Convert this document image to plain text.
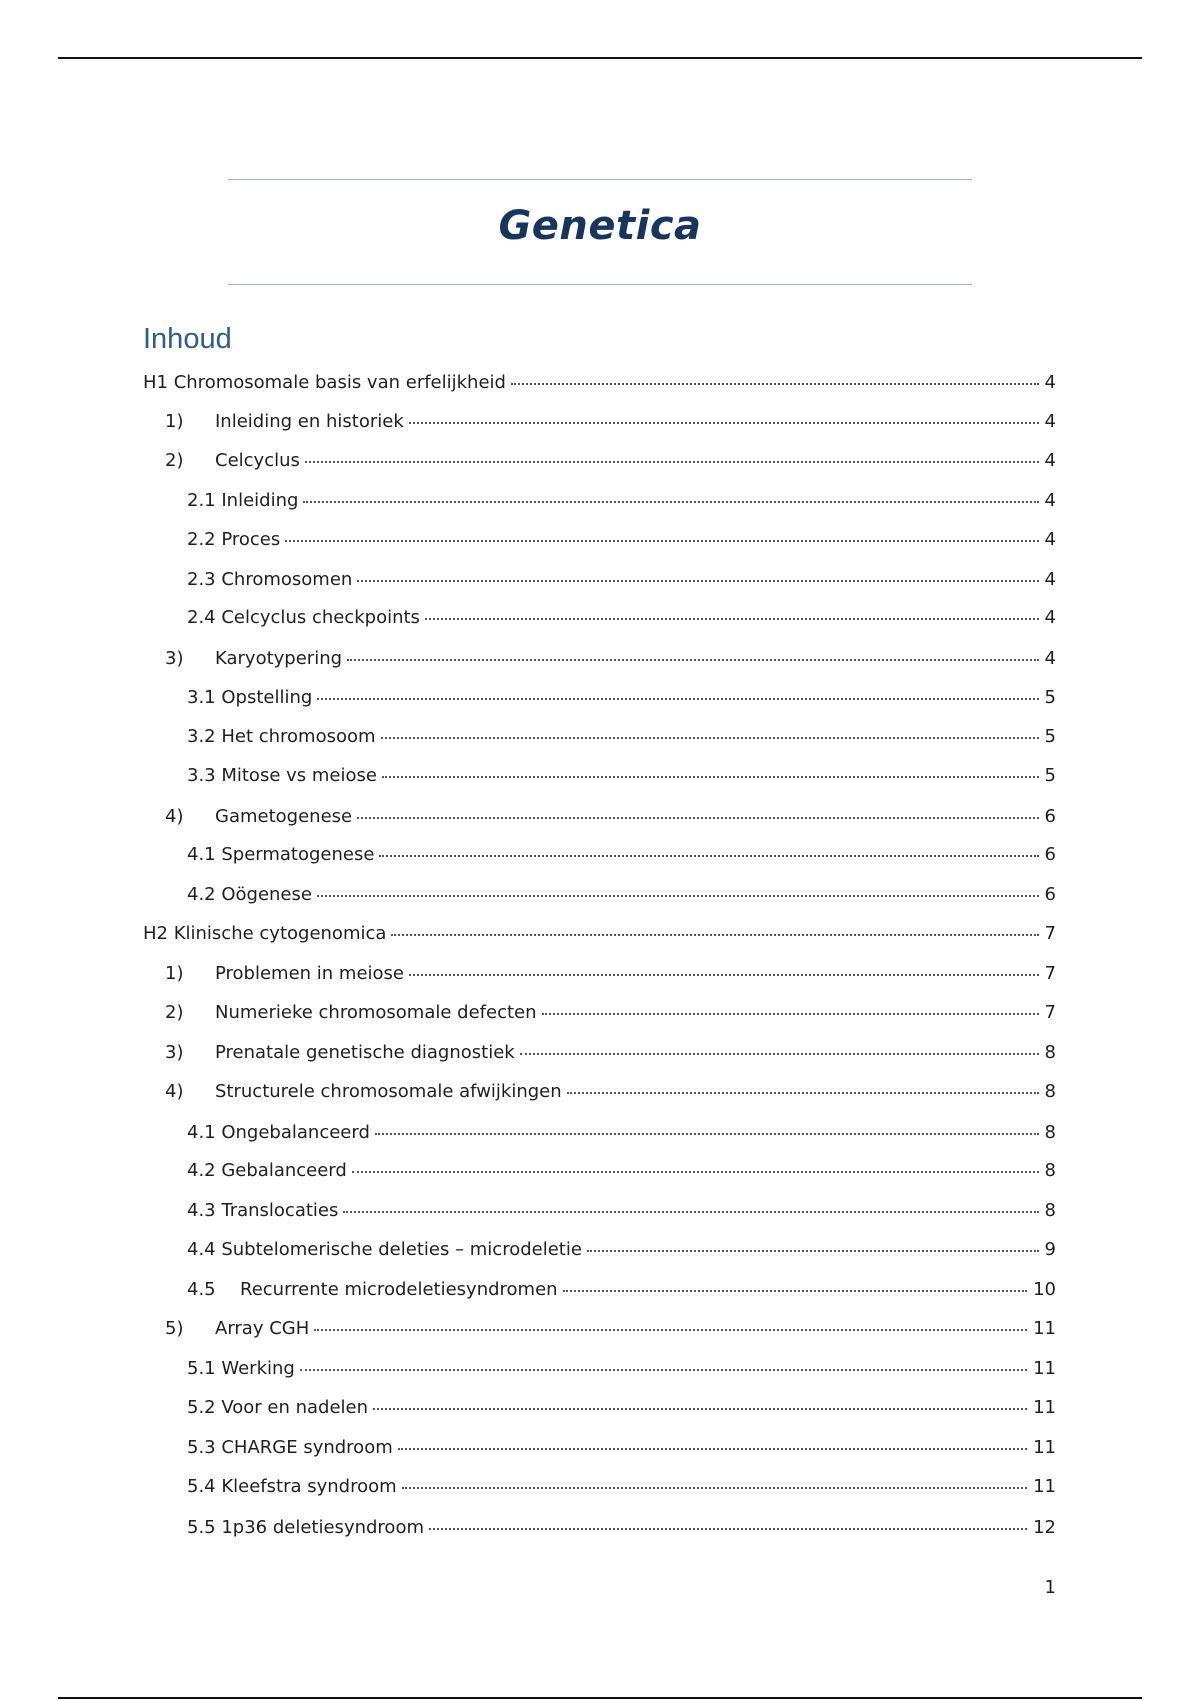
Genetica
Inhoud
H1 Chromosomale basis van erfelijkheid	4
1)	Inleiding en historiek	4
2)	Celcyclus	4
2.1 Inleiding	4
2.2 Proces	4
2.3 Chromosomen	4
2.4 Celcyclus checkpoints	4
3)	Karyotypering	4
3.1 Opstelling	5
3.2 Het chromosoom	5
3.3 Mitose vs meiose	5
4)	Gametogenese	6
4.1 Spermatogenese	6
4.2 Oögenese	6
H2 Klinische cytogenomica	7
1)	Problemen in meiose	7
2)	Numerieke chromosomale defecten	7
3)	Prenatale genetische diagnostiek	8
4)	Structurele chromosomale afwijkingen	8
4.1 Ongebalanceerd	8
4.2 Gebalanceerd	8
4.3 Translocaties	8
4.4 Subtelomerische deleties – microdeletie	9
4.5	Recurrente microdeletiesyndromen	10
5)	Array CGH	11
5.1 Werking	11
5.2 Voor en nadelen	11
5.3 CHARGE syndroom	11
5.4 Kleefstra syndroom	11
5.5 1p36 deletiesyndroom	12
1
